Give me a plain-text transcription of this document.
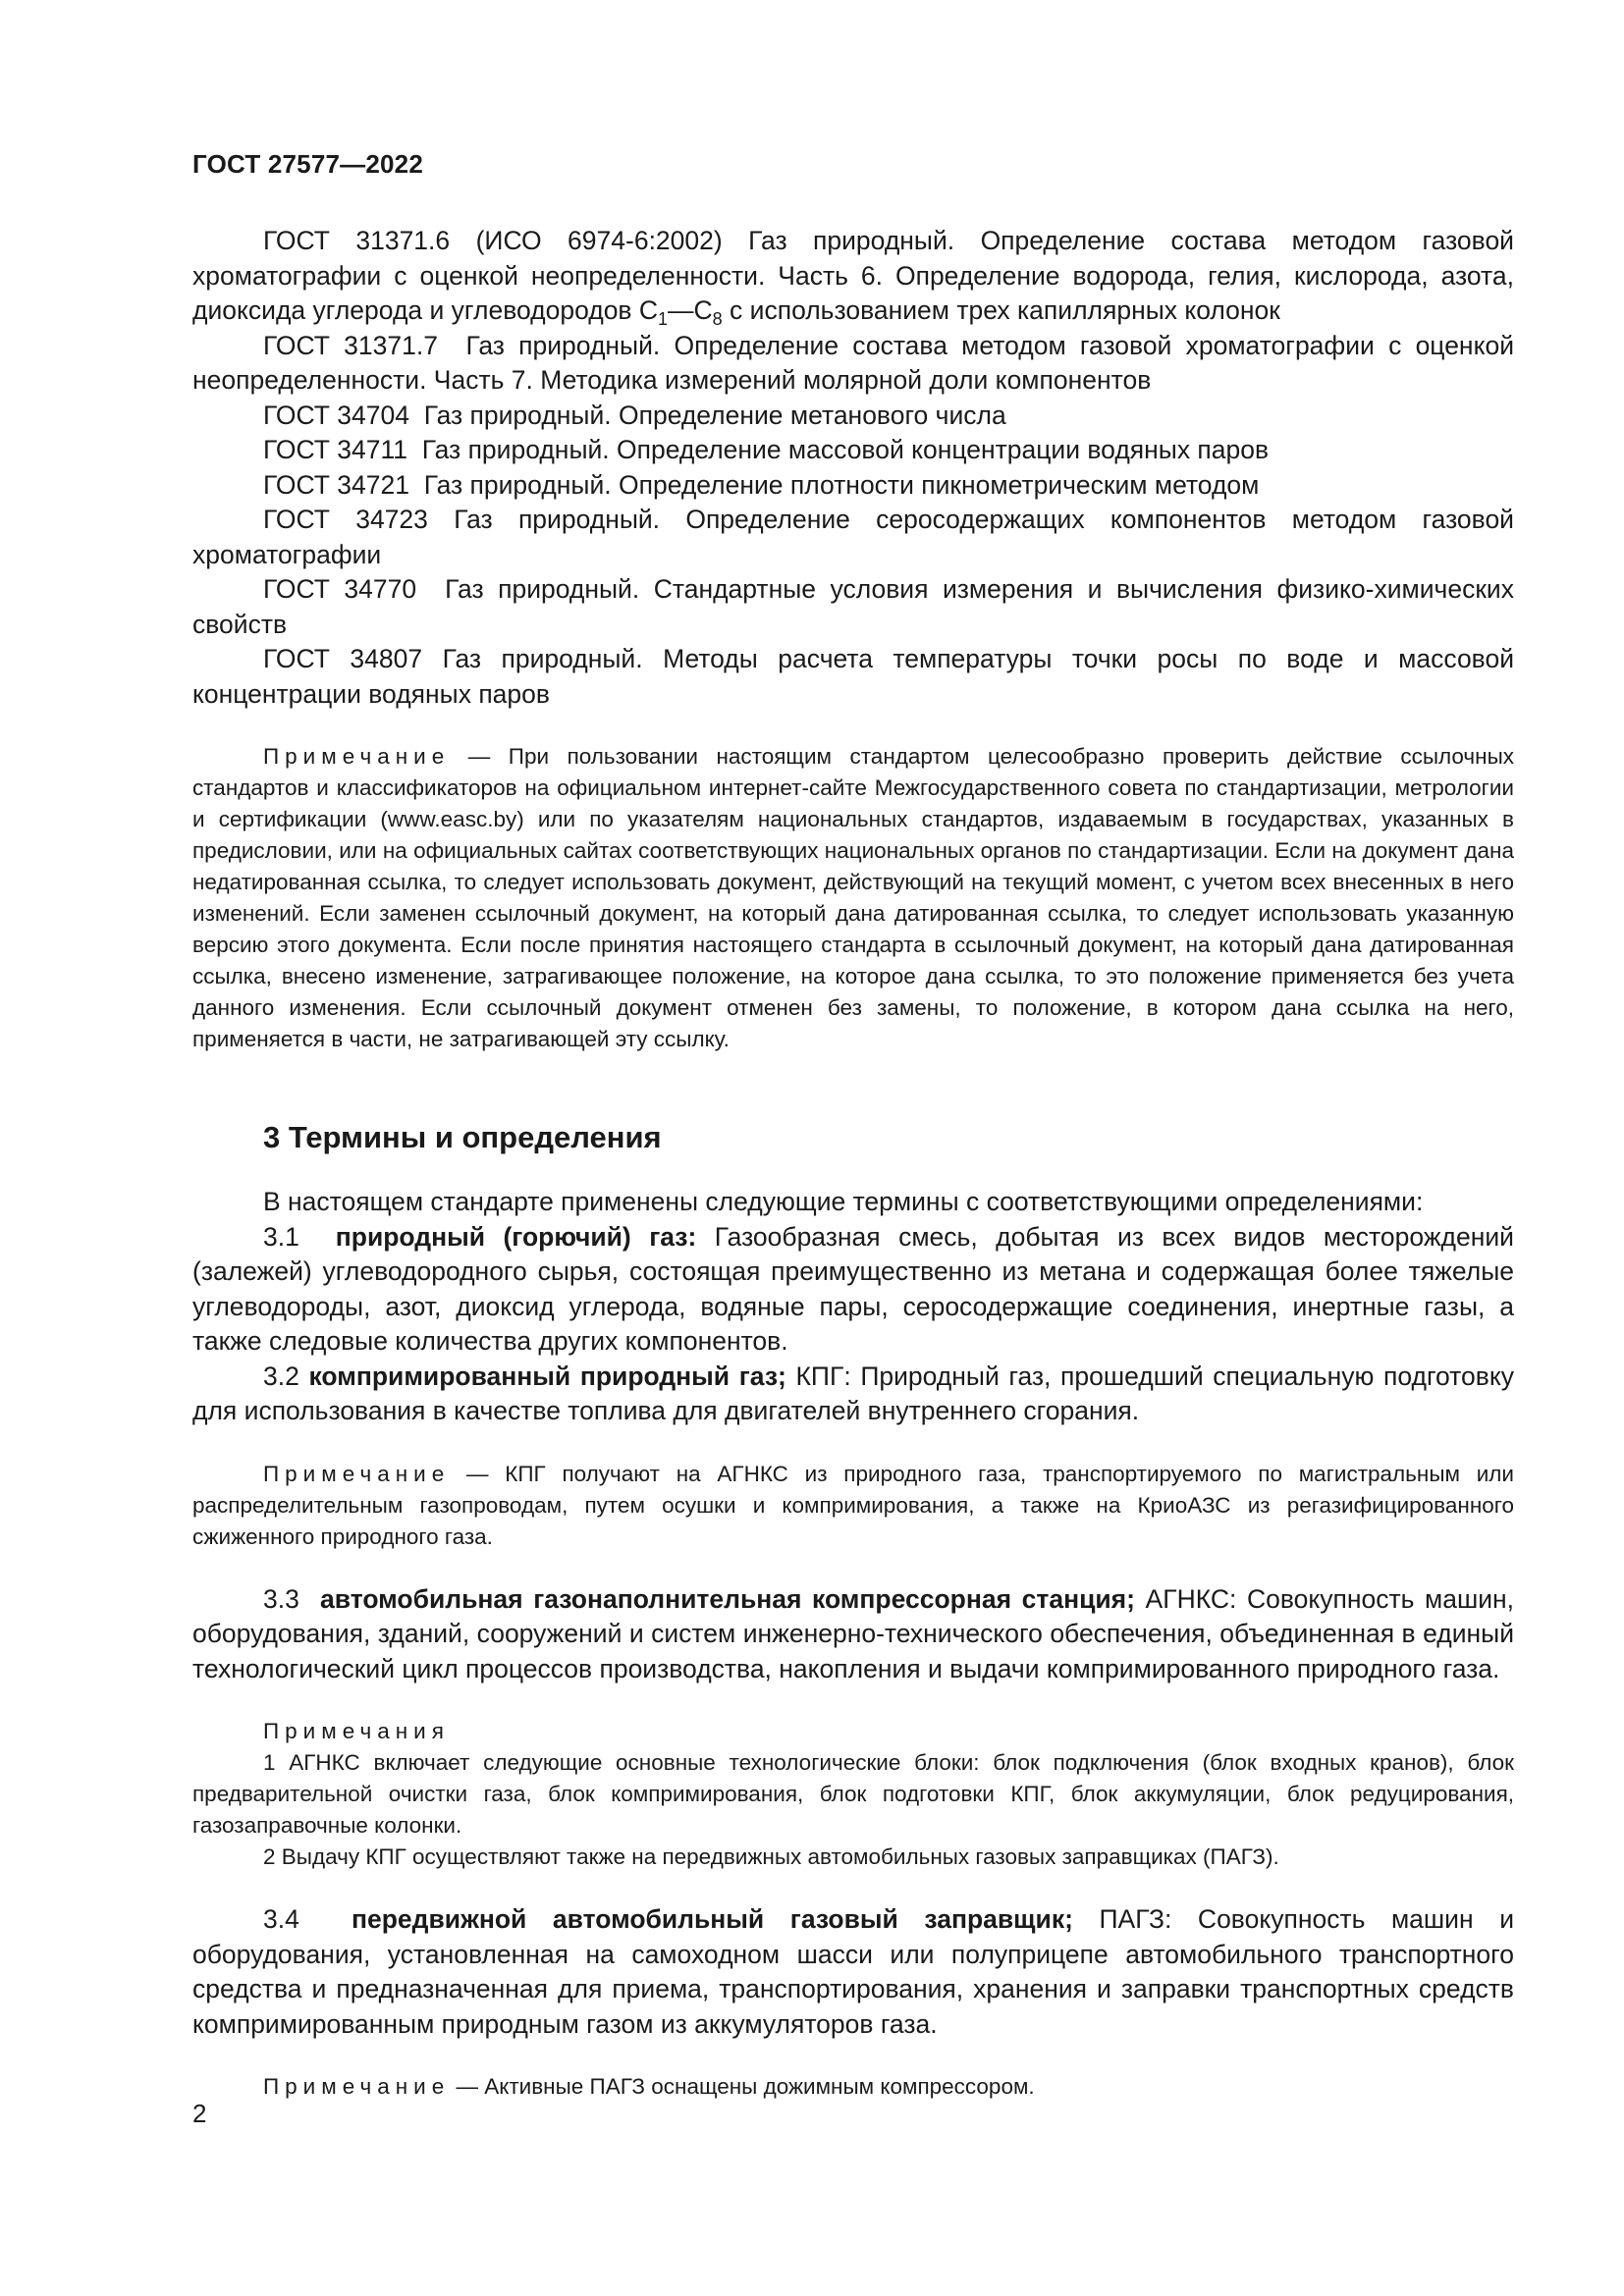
ГОСТ 27577—2022

ГОСТ 31371.6 (ИСО 6974-6:2002) Газ природный. Определение состава методом газовой хроматографии с оценкой неопределенности. Часть 6. Определение водорода, гелия, кислорода, азота, диоксида углерода и углеводородов $С_1—С_8$ с использованием трех капиллярных колонок

ГОСТ 31371.7 Газ природный. Определение состава методом газовой хроматографии с оценкой неопределенности. Часть 7. Методика измерений молярной доли компонентов

ГОСТ 34704 Газ природный. Определение метанового числа

ГОСТ 34711 Газ природный. Определение массовой концентрации водяных паров

ГОСТ 34721 Газ природный. Определение плотности пикнометрическим методом

ГОСТ 34723 Газ природный. Определение серосодержащих компонентов методом газовой хроматографии

ГОСТ 34770 Газ природный. Стандартные условия измерения и вычисления физико-химических свойств

ГОСТ 34807 Газ природный. Методы расчета температуры точки росы по воде и массовой концентрации водяных паров

Примечание — При пользовании настоящим стандартом целесообразно проверить действие ссылочных стандартов и классификаторов на официальном интернет-сайте Межгосударственного совета по стандартизации, метрологии и сертификации (www.easc.by) или по указателям национальных стандартов, издаваемым в государствах, указанных в предисловии, или на официальных сайтах соответствующих национальных органов по стандартизации. Если на документ дана недатированная ссылка, то следует использовать документ, действующий на текущий момент, с учетом всех внесенных в него изменений. Если заменен ссылочный документ, на который дана датированная ссылка, то следует использовать указанную версию этого документа. Если после принятия настоящего стандарта в ссылочный документ, на который дана датированная ссылка, внесено изменение, затрагивающее положение, на которое дана ссылка, то это положение применяется без учета данного изменения. Если ссылочный документ отменен без замены, то положение, в котором дана ссылка на него, применяется в части, не затрагивающей эту ссылку.

3 Термины и определения

В настоящем стандарте применены следующие термины с соответствующими определениями:

3.1 природный (горючий) газ: Газообразная смесь, добытая из всех видов месторождений (залежей) углеводородного сырья, состоящая преимущественно из метана и содержащая более тяжелые углеводороды, азот, диоксид углерода, водяные пары, серосодержащие соединения, инертные газы, а также следовые количества других компонентов.

3.2 компримированный природный газ; КПГ: Природный газ, прошедший специальную подготовку для использования в качестве топлива для двигателей внутреннего сгорания.

Примечание — КПГ получают на АГНКС из природного газа, транспортируемого по магистральным или распределительным газопроводам, путем осушки и компримирования, а также на КриоАЗС из регазифицированного сжиженного природного газа.

3.3 автомобильная газонаполнительная компрессорная станция; АГНКС: Совокупность машин, оборудования, зданий, сооружений и систем инженерно-технического обеспечения, объединенная в единый технологический цикл процессов производства, накопления и выдачи компримированного природного газа.

Примечания

1 АГНКС включает следующие основные технологические блоки: блок подключения (блок входных кранов), блок предварительной очистки газа, блок компримирования, блок подготовки КПГ, блок аккумуляции, блок редуцирования, газозаправочные колонки.

2 Выдачу КПГ осуществляют также на передвижных автомобильных газовых заправщиках (ПАГЗ).

3.4 передвижной автомобильный газовый заправщик; ПАГЗ: Совокупность машин и оборудования, установленная на самоходном шасси или полуприцепе автомобильного транспортного средства и предназначенная для приема, транспортирования, хранения и заправки транспортных средств компримированным природным газом из аккумуляторов газа.

Примечание — Активные ПАГЗ оснащены дожимным компрессором.

2
